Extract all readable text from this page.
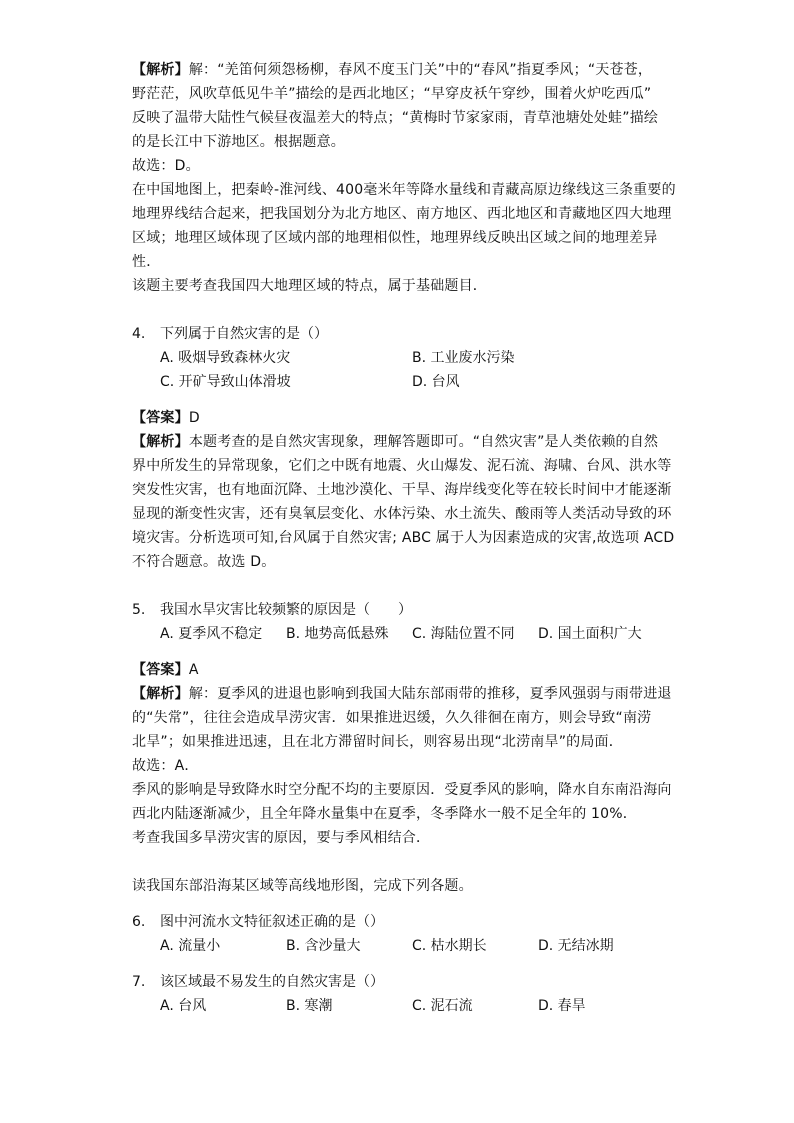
【解析】解：“羌笛何须怨杨柳，春风不度玉门关”中的“春风”指夏季风；“天苍苍，

野茫茫，风吹草低见牛羊”描绘的是西北地区；“早穿皮袄午穿纱，围着火炉吃西瓜”

反映了温带大陆性气候昼夜温差大的特点；“黄梅时节家家雨，青草池塘处处蛙”描绘

的是长江中下游地区。根据题意。

故选：D。

在中国地图上，把秦岭-淮河线、400毫米年等降水量线和青藏高原边缘线这三条重要的

地理界线结合起来，把我国划分为北方地区、南方地区、西北地区和青藏地区四大地理

区域；地理区域体现了区域内部的地理相似性，地理界线反映出区域之间的地理差异

性．

该题主要考查我国四大地理区域的特点，属于基础题目．

4.	下列属于自然灾害的是（）
A. 吸烟导致森林火灾	B. 工业废水污染
C. 开矿导致山体滑坡	D. 台风

【答案】D

【解析】本题考查的是自然灾害现象，理解答题即可。“自然灾害”是人类依赖的自然

界中所发生的异常现象，它们之中既有地震、火山爆发、泥石流、海啸、台风、洪水等

突发性灾害，也有地面沉降、土地沙漠化、干旱、海岸线变化等在较长时间中才能逐渐

显现的渐变性灾害，还有臭氧层变化、水体污染、水土流失、酸雨等人类活动导致的环

境灾害。分析选项可知,台风属于自然灾害; ABC 属于人为因素造成的灾害,故选项 ACD

不符合题意。故选 D。

5.	我国水旱灾害比较频繁的原因是（　　）
A. 夏季风不稳定	B. 地势高低悬殊	C. 海陆位置不同	D. 国土面积广大

【答案】A

【解析】解：夏季风的进退也影响到我国大陆东部雨带的推移，夏季风强弱与雨带进退

的“失常”，往往会造成旱涝灾害．如果推进迟缓，久久徘徊在南方，则会导致“南涝

北旱”；如果推进迅速，且在北方滞留时间长，则容易出现“北涝南旱”的局面．

故选：A．

季风的影响是导致降水时空分配不均的主要原因．受夏季风的影响，降水自东南沿海向

西北内陆逐渐减少，且全年降水量集中在夏季，冬季降水一般不足全年的 10%．

考查我国多旱涝灾害的原因，要与季风相结合．

读我国东部沿海某区域等高线地形图，完成下列各题。

6.	图中河流水文特征叙述正确的是（）
A. 流量小	B. 含沙量大	C. 枯水期长	D. 无结冰期
7.	该区域最不易发生的自然灾害是（）
A. 台风	B. 寒潮	C. 泥石流	D. 春旱
